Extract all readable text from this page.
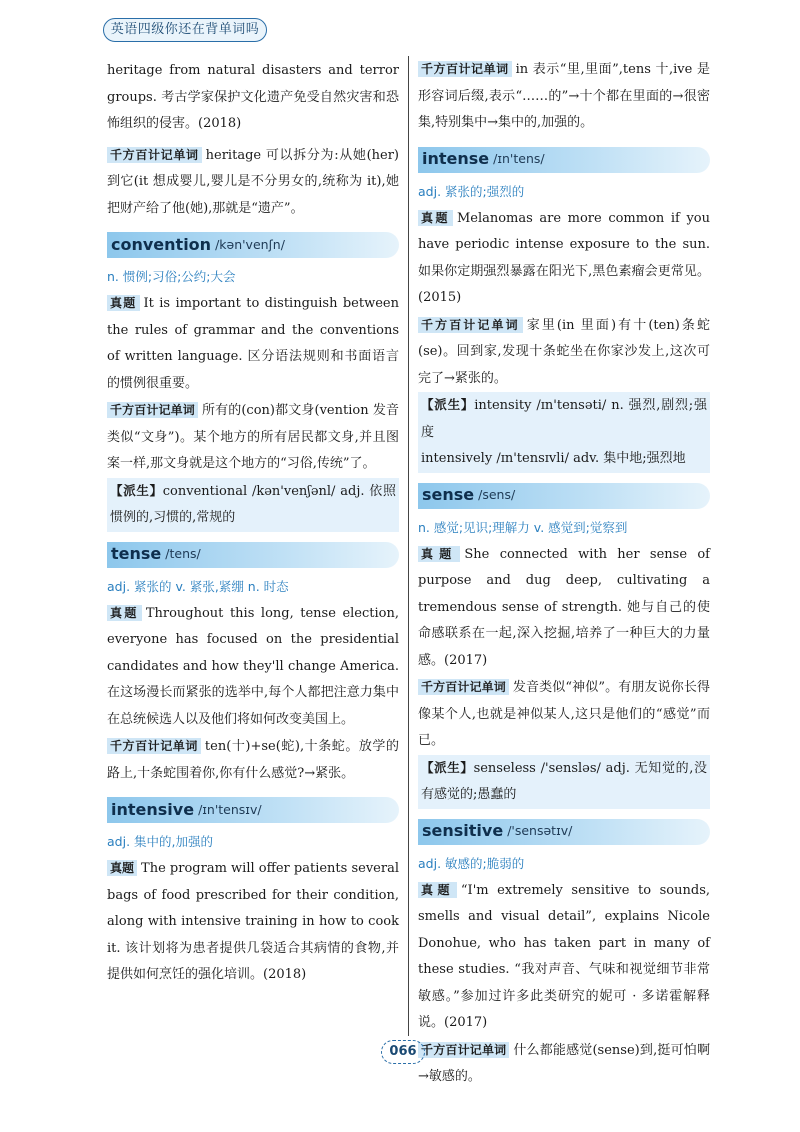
英语四级你还在背单词吗

heritage from natural disasters and terror groups. 考古学家保护文化遗产免受自然灾害和恐怖组织的侵害。(2018)

千方百计记单词 heritage 可以拆分为:从她(her)到它(it 想成婴儿,婴儿是不分男女的,统称为 it),她把财产给了他(她),那就是“遗产”。

convention /kən'venʃn/
n. 惯例;习俗;公约;大会

真题 It is important to distinguish between the rules of grammar and the conventions of written language. 区分语法规则和书面语言的惯例很重要。

千方百计记单词 所有的(con)都文身(vention 发音类似“文身”)。某个地方的所有居民都文身,并且图案一样,那文身就是这个地方的“习俗,传统”了。

【派生】conventional /kən'venʃənl/ adj. 依照惯例的,习惯的,常规的

tense /tens/
adj. 紧张的 v. 紧张,紧绷 n. 时态

真题 Throughout this long, tense election, everyone has focused on the presidential candidates and how they'll change America. 在这场漫长而紧张的选举中,每个人都把注意力集中在总统候选人以及他们将如何改变美国上。

千方百计记单词 ten(十)+se(蛇),十条蛇。放学的路上,十条蛇围着你,你有什么感觉?→紧张。

intensive /ɪn'tensɪv/
adj. 集中的,加强的

真题 The program will offer patients several bags of food prescribed for their condition, along with intensive training in how to cook it. 该计划将为患者提供几袋适合其病情的食物,并提供如何烹饪的强化培训。(2018)

千方百计记单词 in 表示“里,里面”,tens 十,ive 是形容词后缀,表示“……的”→十个都在里面的→很密集,特别集中→集中的,加强的。

intense /ɪn'tens/
adj. 紧张的;强烈的

真题 Melanomas are more common if you have periodic intense exposure to the sun. 如果你定期强烈暴露在阳光下,黑色素瘤会更常见。(2015)

千方百计记单词 家里(in 里面)有十(ten)条蛇(se)。回到家,发现十条蛇坐在你家沙发上,这次可完了→紧张的。

【派生】intensity /ɪn'tensəti/ n. 强烈,剧烈;强度

intensively /ɪn'tensɪvli/ adv. 集中地;强烈地

sense /sens/
n. 感觉;见识;理解力 v. 感觉到;觉察到

真题 She connected with her sense of purpose and dug deep, cultivating a tremendous sense of strength. 她与自己的使命感联系在一起,深入挖掘,培养了一种巨大的力量感。(2017)

千方百计记单词 发音类似“神似”。有朋友说你长得像某个人,也就是神似某人,这只是他们的“感觉”而已。

【派生】senseless /'sensləs/ adj. 无知觉的,没有感觉的;愚蠢的

sensitive /'sensətɪv/
adj. 敏感的;脆弱的

真题 “I'm extremely sensitive to sounds, smells and visual detail”, explains Nicole Donohue, who has taken part in many of these studies. “我对声音、气味和视觉细节非常敏感。”参加过许多此类研究的妮可 · 多诺霍解释说。(2017)

千方百计记单词 什么都能感觉(sense)到,挺可怕啊→敏感的。

066
